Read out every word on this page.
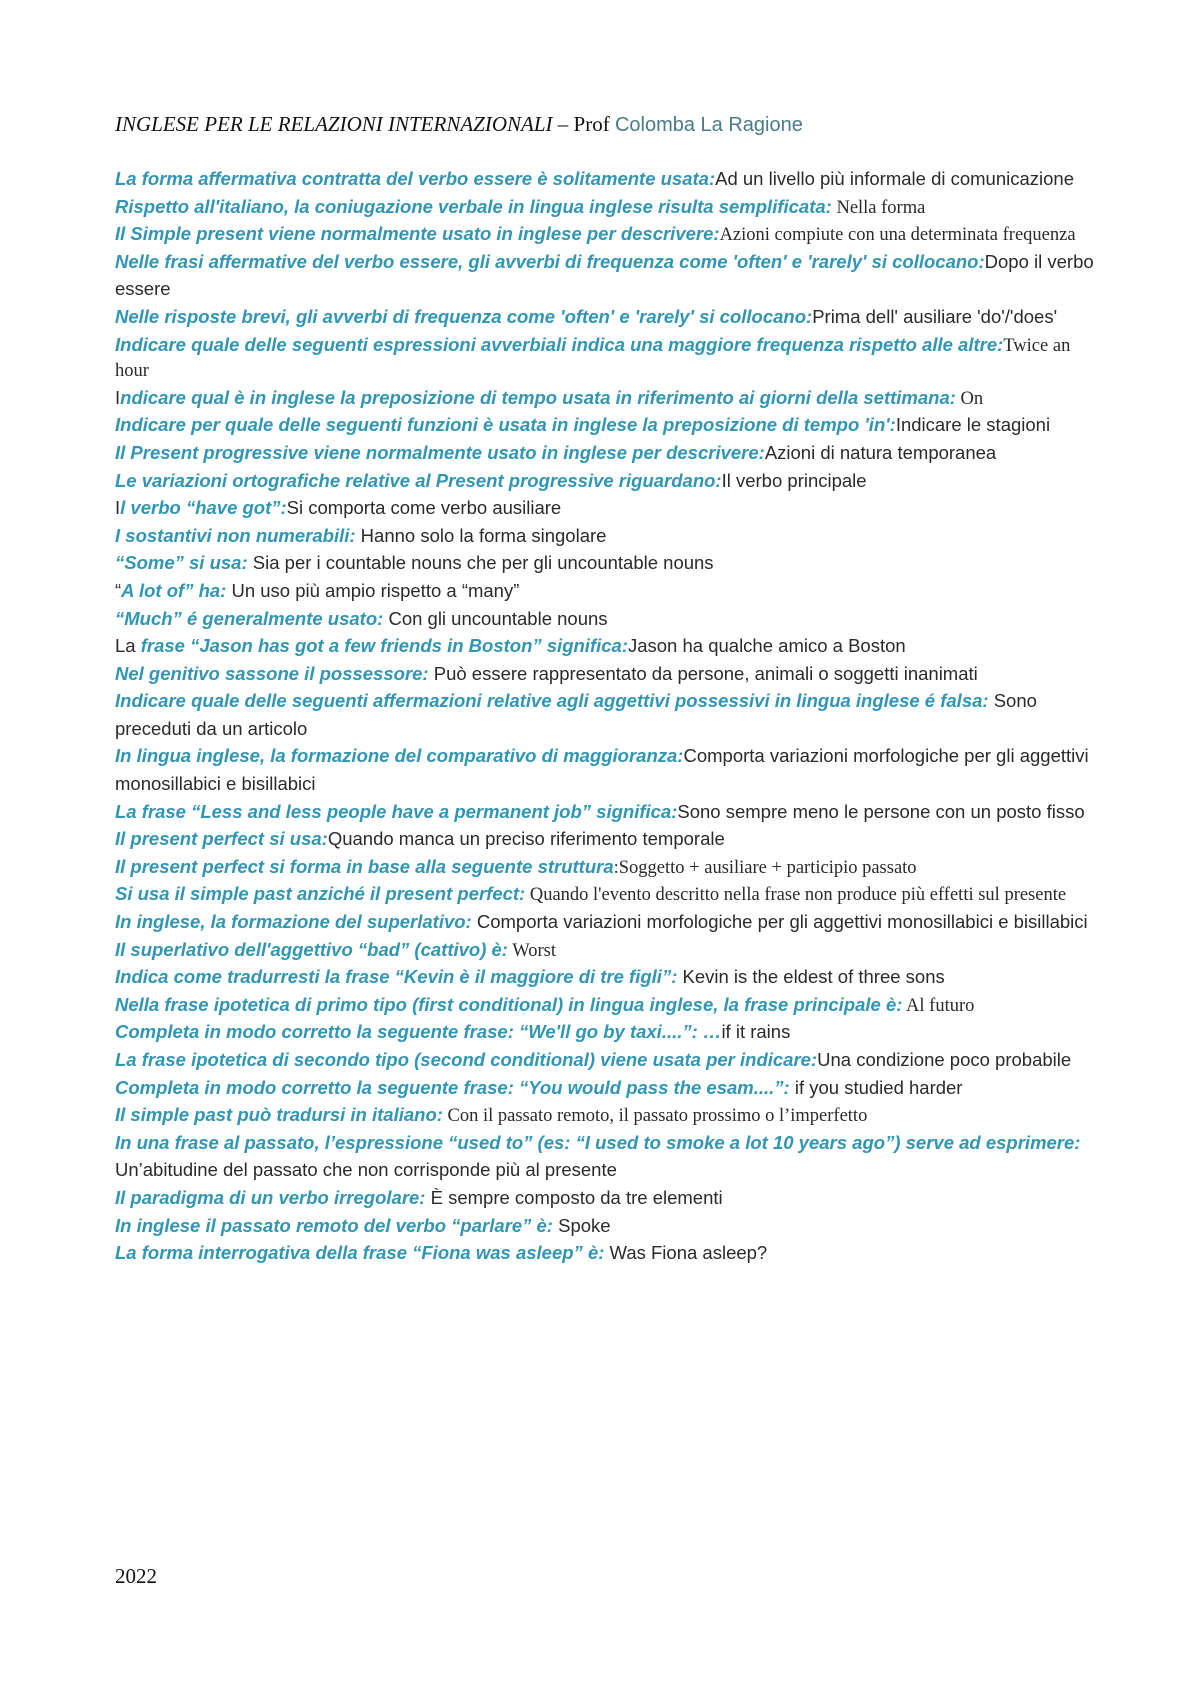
INGLESE PER LE RELAZIONI INTERNAZIONALI – Prof Colomba La Ragione

La forma affermativa contratta del verbo essere è solitamente usata:Ad un livello più informale di comunicazione

Rispetto all'italiano, la coniugazione verbale in lingua inglese risulta semplificata: Nella forma

Il Simple present viene normalmente usato in inglese per descrivere:Azioni compiute con una determinata frequenza

Nelle frasi affermative del verbo essere, gli avverbi di frequenza come 'often' e 'rarely' si collocano:Dopo il verbo essere

Nelle risposte brevi, gli avverbi di frequenza come 'often' e 'rarely' si collocano:Prima dell' ausiliare 'do'/'does'

Indicare quale delle seguenti espressioni avverbiali indica una maggiore frequenza rispetto alle altre:Twice an hour

Indicare qual è in inglese la preposizione di tempo usata in riferimento ai giorni della settimana: On

Indicare per quale delle seguenti funzioni è usata in inglese la preposizione di tempo 'in':Indicare le stagioni

Il Present progressive viene normalmente usato in inglese per descrivere:Azioni di natura temporanea

Le variazioni ortografiche relative al Present progressive riguardano:Il verbo principale

Il verbo “have got”:Si comporta come verbo ausiliare

I sostantivi non numerabili: Hanno solo la forma singolare

“Some” si usa: Sia per i countable nouns che per gli uncountable nouns

“A lot of” ha: Un uso più ampio rispetto a “many”

“Much” é generalmente usato: Con gli uncountable nouns

La frase “Jason has got a few friends in Boston” significa:Jason ha qualche amico a Boston

Nel genitivo sassone il possessore: Può essere rappresentato da persone, animali o soggetti inanimati

Indicare quale delle seguenti affermazioni relative agli aggettivi possessivi in lingua inglese é falsa: Sono preceduti da un articolo

In lingua inglese, la formazione del comparativo di maggioranza:Comporta variazioni morfologiche per gli aggettivi monosillabici e bisillabici

La frase “Less and less people have a permanent job” significa:Sono sempre meno le persone con un posto fisso

Il present perfect si usa:Quando manca un preciso riferimento temporale

Il present perfect si forma in base alla seguente struttura:Soggetto + ausiliare + participio passato

Si usa il simple past anziché il present perfect: Quando l'evento descritto nella frase non produce più effetti sul presente

In inglese, la formazione del superlativo: Comporta variazioni morfologiche per gli aggettivi monosillabici e bisillabici

Il superlativo dell'aggettivo “bad” (cattivo) è: Worst

Indica come tradurresti la frase “Kevin è il maggiore di tre figli”: Kevin is the eldest of three sons

Nella frase ipotetica di primo tipo (first conditional) in lingua inglese, la frase principale è: Al futuro

Completa in modo corretto la seguente frase: “We'll go by taxi....”: …if it rains

La frase ipotetica di secondo tipo (second conditional) viene usata per indicare:Una condizione poco probabile

Completa in modo corretto la seguente frase: “You would pass the esam....”: if you studied harder

Il simple past può tradursi in italiano: Con il passato remoto, il passato prossimo o l’imperfetto

In una frase al passato, l’espressione “used to” (es: “I used to smoke a lot 10 years ago”) serve ad esprimere: Un’abitudine del passato che non corrisponde più al presente

Il paradigma di un verbo irregolare: È sempre composto da tre elementi

In inglese il passato remoto del verbo “parlare” è: Spoke

La forma interrogativa della frase “Fiona was asleep” è: Was Fiona asleep?

2022
